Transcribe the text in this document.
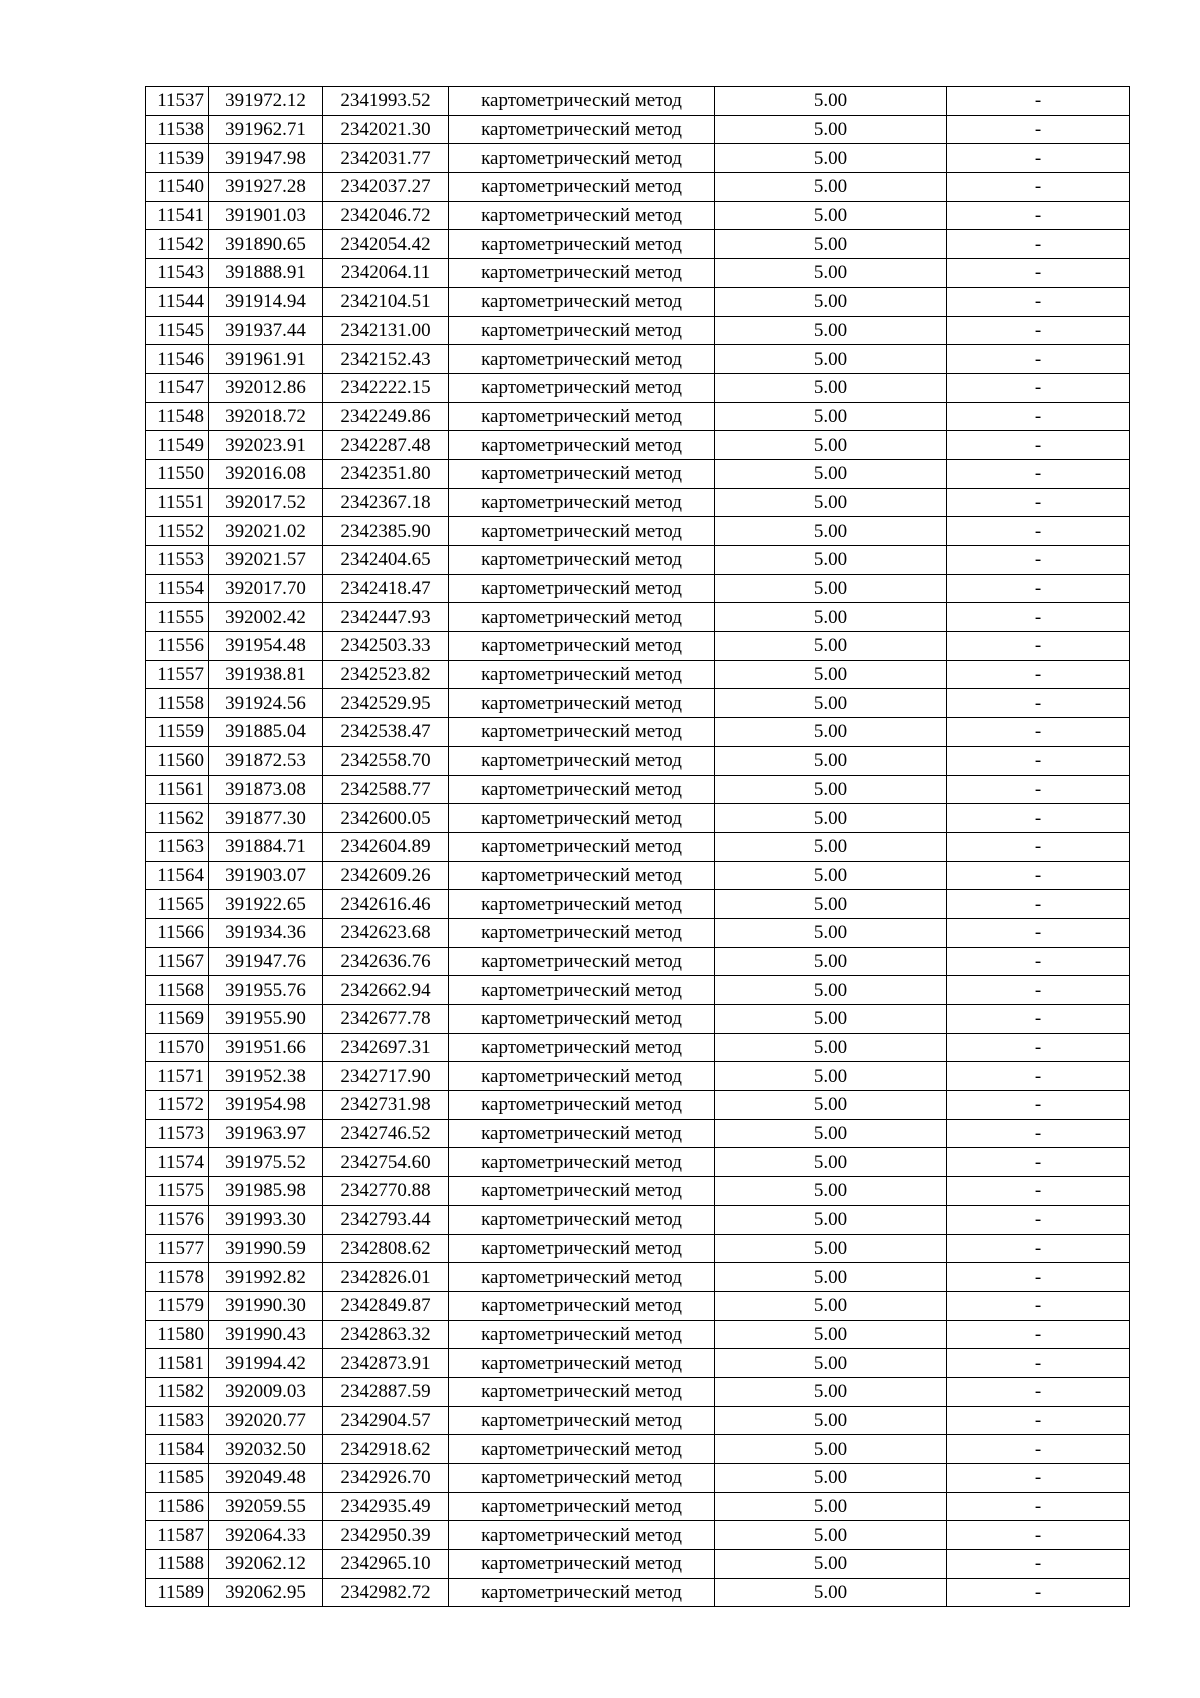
11537	391972.12	2341993.52	картометрический метод	5.00	-
11538	391962.71	2342021.30	картометрический метод	5.00	-
11539	391947.98	2342031.77	картометрический метод	5.00	-
11540	391927.28	2342037.27	картометрический метод	5.00	-
11541	391901.03	2342046.72	картометрический метод	5.00	-
11542	391890.65	2342054.42	картометрический метод	5.00	-
11543	391888.91	2342064.11	картометрический метод	5.00	-
11544	391914.94	2342104.51	картометрический метод	5.00	-
11545	391937.44	2342131.00	картометрический метод	5.00	-
11546	391961.91	2342152.43	картометрический метод	5.00	-
11547	392012.86	2342222.15	картометрический метод	5.00	-
11548	392018.72	2342249.86	картометрический метод	5.00	-
11549	392023.91	2342287.48	картометрический метод	5.00	-
11550	392016.08	2342351.80	картометрический метод	5.00	-
11551	392017.52	2342367.18	картометрический метод	5.00	-
11552	392021.02	2342385.90	картометрический метод	5.00	-
11553	392021.57	2342404.65	картометрический метод	5.00	-
11554	392017.70	2342418.47	картометрический метод	5.00	-
11555	392002.42	2342447.93	картометрический метод	5.00	-
11556	391954.48	2342503.33	картометрический метод	5.00	-
11557	391938.81	2342523.82	картометрический метод	5.00	-
11558	391924.56	2342529.95	картометрический метод	5.00	-
11559	391885.04	2342538.47	картометрический метод	5.00	-
11560	391872.53	2342558.70	картометрический метод	5.00	-
11561	391873.08	2342588.77	картометрический метод	5.00	-
11562	391877.30	2342600.05	картометрический метод	5.00	-
11563	391884.71	2342604.89	картометрический метод	5.00	-
11564	391903.07	2342609.26	картометрический метод	5.00	-
11565	391922.65	2342616.46	картометрический метод	5.00	-
11566	391934.36	2342623.68	картометрический метод	5.00	-
11567	391947.76	2342636.76	картометрический метод	5.00	-
11568	391955.76	2342662.94	картометрический метод	5.00	-
11569	391955.90	2342677.78	картометрический метод	5.00	-
11570	391951.66	2342697.31	картометрический метод	5.00	-
11571	391952.38	2342717.90	картометрический метод	5.00	-
11572	391954.98	2342731.98	картометрический метод	5.00	-
11573	391963.97	2342746.52	картометрический метод	5.00	-
11574	391975.52	2342754.60	картометрический метод	5.00	-
11575	391985.98	2342770.88	картометрический метод	5.00	-
11576	391993.30	2342793.44	картометрический метод	5.00	-
11577	391990.59	2342808.62	картометрический метод	5.00	-
11578	391992.82	2342826.01	картометрический метод	5.00	-
11579	391990.30	2342849.87	картометрический метод	5.00	-
11580	391990.43	2342863.32	картометрический метод	5.00	-
11581	391994.42	2342873.91	картометрический метод	5.00	-
11582	392009.03	2342887.59	картометрический метод	5.00	-
11583	392020.77	2342904.57	картометрический метод	5.00	-
11584	392032.50	2342918.62	картометрический метод	5.00	-
11585	392049.48	2342926.70	картометрический метод	5.00	-
11586	392059.55	2342935.49	картометрический метод	5.00	-
11587	392064.33	2342950.39	картометрический метод	5.00	-
11588	392062.12	2342965.10	картометрический метод	5.00	-
11589	392062.95	2342982.72	картометрический метод	5.00	-
